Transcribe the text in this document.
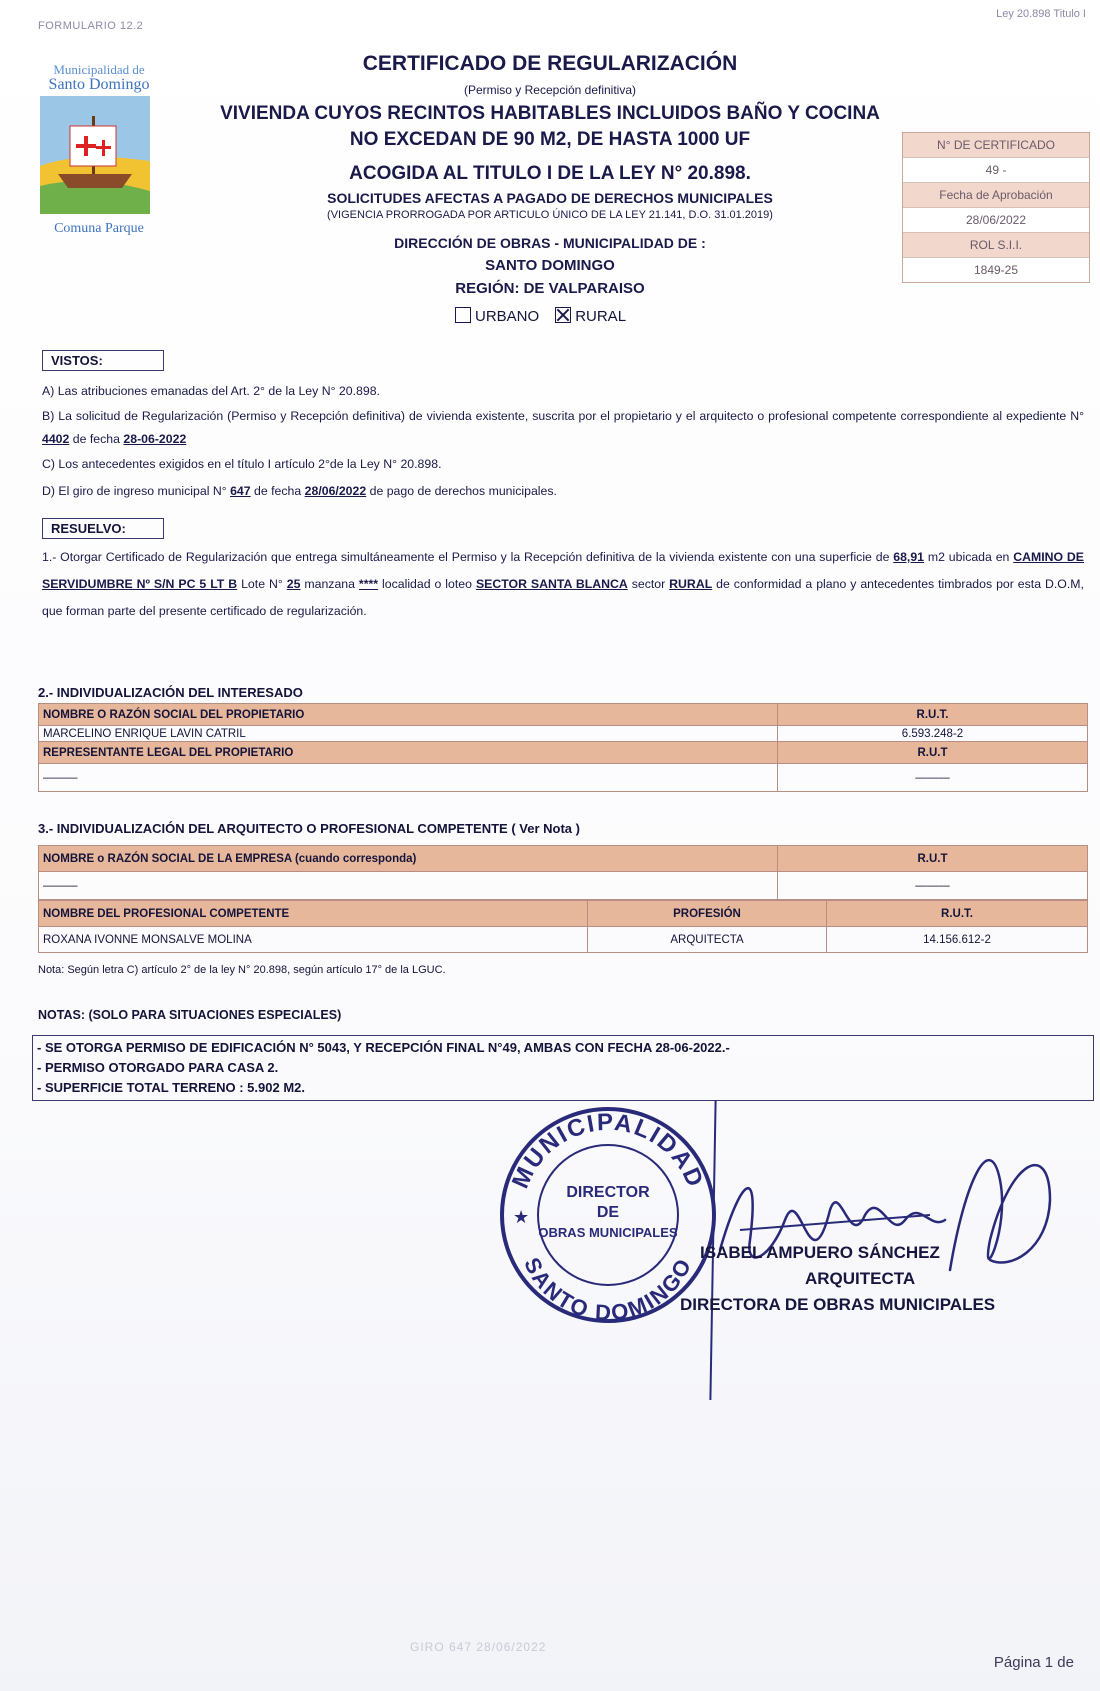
FORMULARIO 12.2
Ley 20.898 Titulo I
Municipalidad de
Santo Domingo
Comuna Parque
CERTIFICADO DE REGULARIZACIÓN
(Permiso y Recepción definitiva)
VIVIENDA CUYOS RECINTOS HABITABLES INCLUIDOS BAÑO Y COCINA
NO EXCEDAN DE 90 M2, DE HASTA 1000 UF
ACOGIDA AL TITULO I DE LA LEY N° 20.898.
SOLICITUDES AFECTAS A PAGADO DE DERECHOS MUNICIPALES
(VIGENCIA PRORROGADA POR ARTICULO ÚNICO DE LA LEY 21.141, D.O. 31.01.2019)
DIRECCIÓN DE OBRAS - MUNICIPALIDAD DE :
SANTO DOMINGO
REGIÓN: DE VALPARAISO
URBANO	RURAL
N° DE CERTIFICADO
49 -
Fecha de Aprobación
28/06/2022
ROL S.I.I.
1849-25
VISTOS:
A) Las atribuciones emanadas del Art. 2° de la Ley N° 20.898.
B) La solicitud de Regularización (Permiso y Recepción definitiva) de vivienda existente, suscrita por el propietario y el arquitecto o profesional competente correspondiente al expediente N° 4402 de fecha 28-06-2022
C) Los antecedentes exigidos en el título I artículo 2°de la Ley N° 20.898.
D) El giro de ingreso municipal N° 647 de fecha 28/06/2022 de pago de derechos municipales.
RESUELVO:
1.- Otorgar Certificado de Regularización que entrega simultáneamente el Permiso y la Recepción definitiva de la vivienda existente con una superficie de 68,91 m2 ubicada en CAMINO DE SERVIDUMBRE Nº S/N PC 5 LT B Lote N° 25 manzana **** localidad o loteo SECTOR SANTA BLANCA sector RURAL de conformidad a plano y antecedentes timbrados por esta D.O.M, que forman parte del presente certificado de regularización.
2.- INDIVIDUALIZACIÓN DEL INTERESADO
NOMBRE O RAZÓN SOCIAL DEL PROPIETARIO	R.U.T.
MARCELINO ENRIQUE LAVIN CATRIL	6.593.248-2
REPRESENTANTE LEGAL DEL PROPIETARIO	R.U.T
———	———
3.- INDIVIDUALIZACIÓN DEL ARQUITECTO O PROFESIONAL COMPETENTE ( Ver Nota )
NOMBRE o RAZÓN SOCIAL DE LA EMPRESA (cuando corresponda)	R.U.T
———	———
NOMBRE DEL PROFESIONAL COMPETENTE	PROFESIÓN	R.U.T.
ROXANA IVONNE MONSALVE MOLINA	ARQUITECTA	14.156.612-2
Nota: Según letra C) artículo 2° de la ley N° 20.898, según artículo 17° de la LGUC.
NOTAS: (SOLO PARA SITUACIONES ESPECIALES)
- SE OTORGA PERMISO DE EDIFICACIÓN N° 5043, Y RECEPCIÓN FINAL N°49, AMBAS CON FECHA 28-06-2022.-
- PERMISO OTORGADO PARA CASA 2.
- SUPERFICIE TOTAL TERRENO : 5.902 M2.
MUNICIPALIDAD
SANTO DOMINGO
DIRECTOR
DE
OBRAS MUNICIPALES
★
ISABEL AMPUERO SÁNCHEZ
ARQUITECTA
DIRECTORA DE OBRAS MUNICIPALES
GIRO 647 28/06/2022
Página 1 de
